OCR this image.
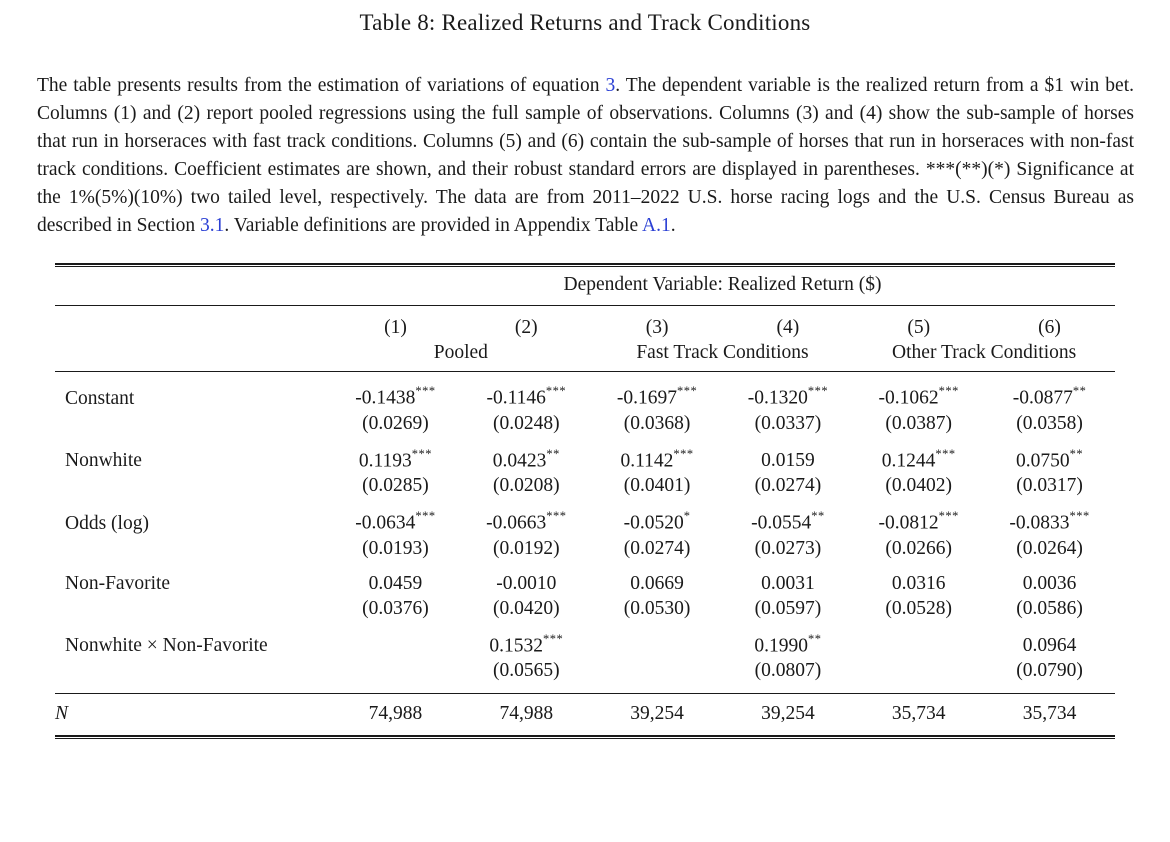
Table 8: Realized Returns and Track Conditions

The table presents results from the estimation of variations of equation 3. The dependent variable is the realized return from a $1 win bet. Columns (1) and (2) report pooled regressions using the full sample of observations. Columns (3) and (4) show the sub-sample of horses that run in horseraces with fast track conditions. Columns (5) and (6) contain the sub-sample of horses that run in horseraces with non-fast track conditions. Coefficient estimates are shown, and their robust standard errors are displayed in parentheses. ***(**)(*) Significance at the 1%(5%)(10%) two tailed level, respectively. The data are from 2011–2022 U.S. horse racing logs and the U.S. Census Bureau as described in Section 3.1. Variable definitions are provided in Appendix Table A.1.

	Dependent Variable: Realized Return ($)					
	(1)	(2)	(3)	(4)	(5)	(6)
	Pooled		Fast Track Conditions		Other Track Conditions	
Constant	-0.1438***	-0.1146***	-0.1697***	-0.1320***	-0.1062***	-0.0877**
	(0.0269)	(0.0248)	(0.0368)	(0.0337)	(0.0387)	(0.0358)
Nonwhite	0.1193***	0.0423**	0.1142***	0.0159	0.1244***	0.0750**
	(0.0285)	(0.0208)	(0.0401)	(0.0274)	(0.0402)	(0.0317)
Odds (log)	-0.0634***	-0.0663***	-0.0520*	-0.0554**	-0.0812***	-0.0833***
	(0.0193)	(0.0192)	(0.0274)	(0.0273)	(0.0266)	(0.0264)
Non-Favorite	0.0459	-0.0010	0.0669	0.0031	0.0316	0.0036
	(0.0376)	(0.0420)	(0.0530)	(0.0597)	(0.0528)	(0.0586)
Nonwhite × Non-Favorite		0.1532***		0.1990**		0.0964
		(0.0565)		(0.0807)		(0.0790)
N	74,988	74,988	39,254	39,254	35,734	35,734
